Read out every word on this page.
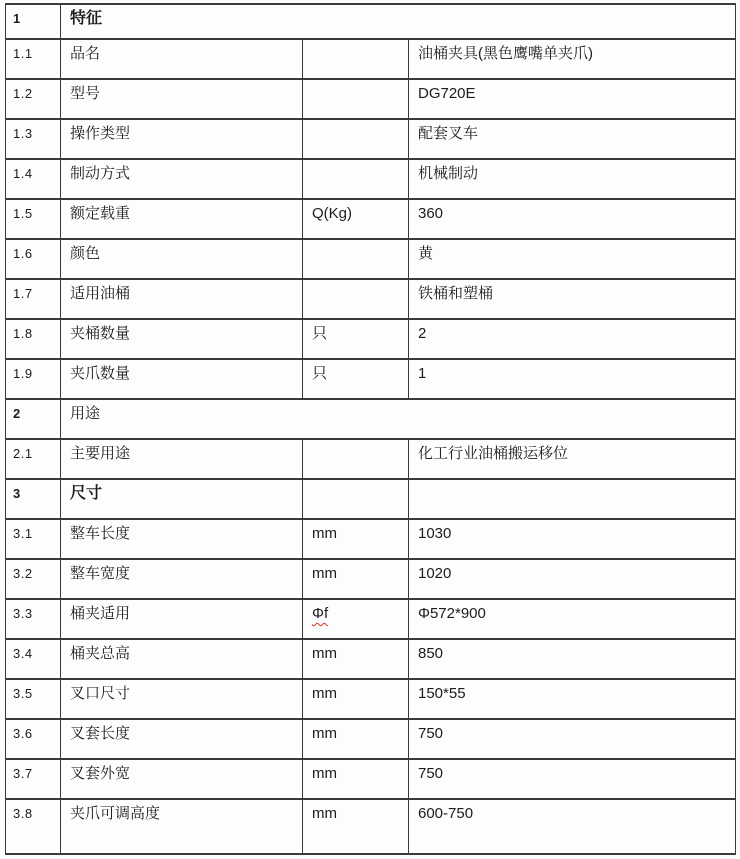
1	特征		
1.1	品名		油桶夹具(黑色鹰嘴单夹爪)
1.2	型号		DG720E
1.3	操作类型		配套叉车
1.4	制动方式		机械制动
1.5	额定载重	Q(Kg)	360
1.6	颜色		黄
1.7	适用油桶		铁桶和塑桶
1.8	夹桶数量	只	2
1.9	夹爪数量	只	1
2	用途		
2.1	主要用途		化工行业油桶搬运移位
3	尺寸		
3.1	整车长度	mm	1030
3.2	整车宽度	mm	1020
3.3	桶夹适用	Φf	Φ572*900
3.4	桶夹总高	mm	850
3.5	叉口尺寸	mm	150*55
3.6	叉套长度	mm	750
3.7	叉套外宽	mm	750
3.8	夹爪可调高度	mm	600-750
